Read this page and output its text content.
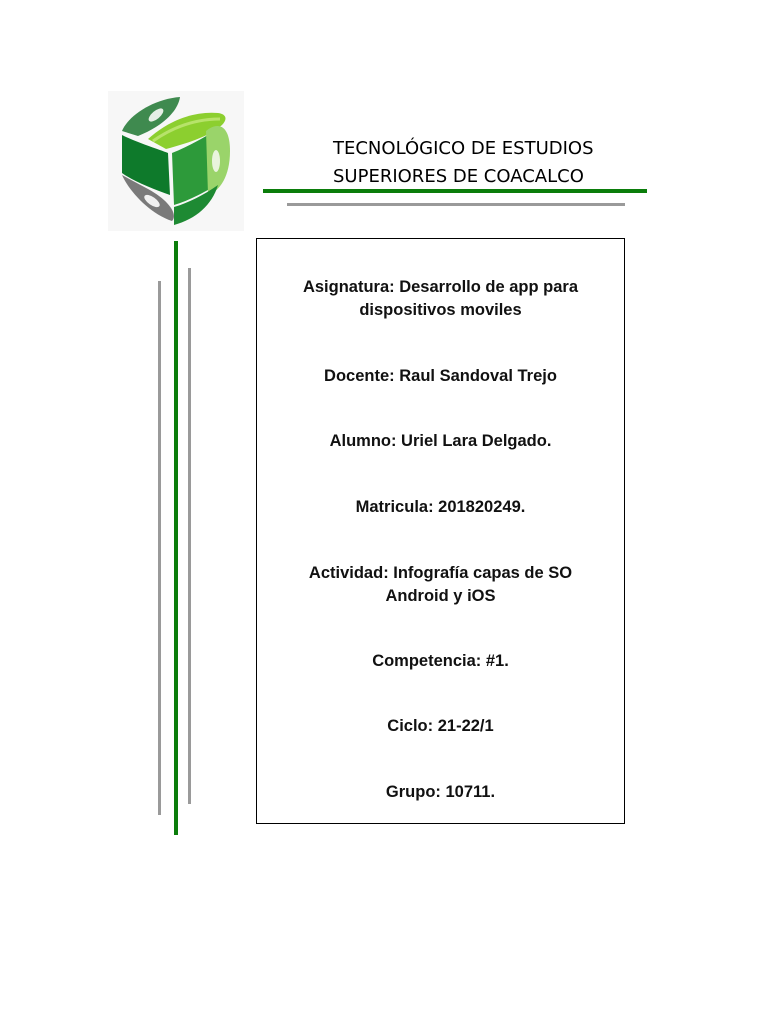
TECNOLÓGICO DE ESTUDIOS
SUPERIORES DE COACALCO
Asignatura: Desarrollo de app para
dispositivos moviles
Docente: Raul Sandoval Trejo
Alumno: Uriel Lara Delgado.
Matricula: 201820249.
Actividad: Infografía capas de SO
Android y iOS
Competencia: #1.
Ciclo: 21-22/1
Grupo: 10711.
